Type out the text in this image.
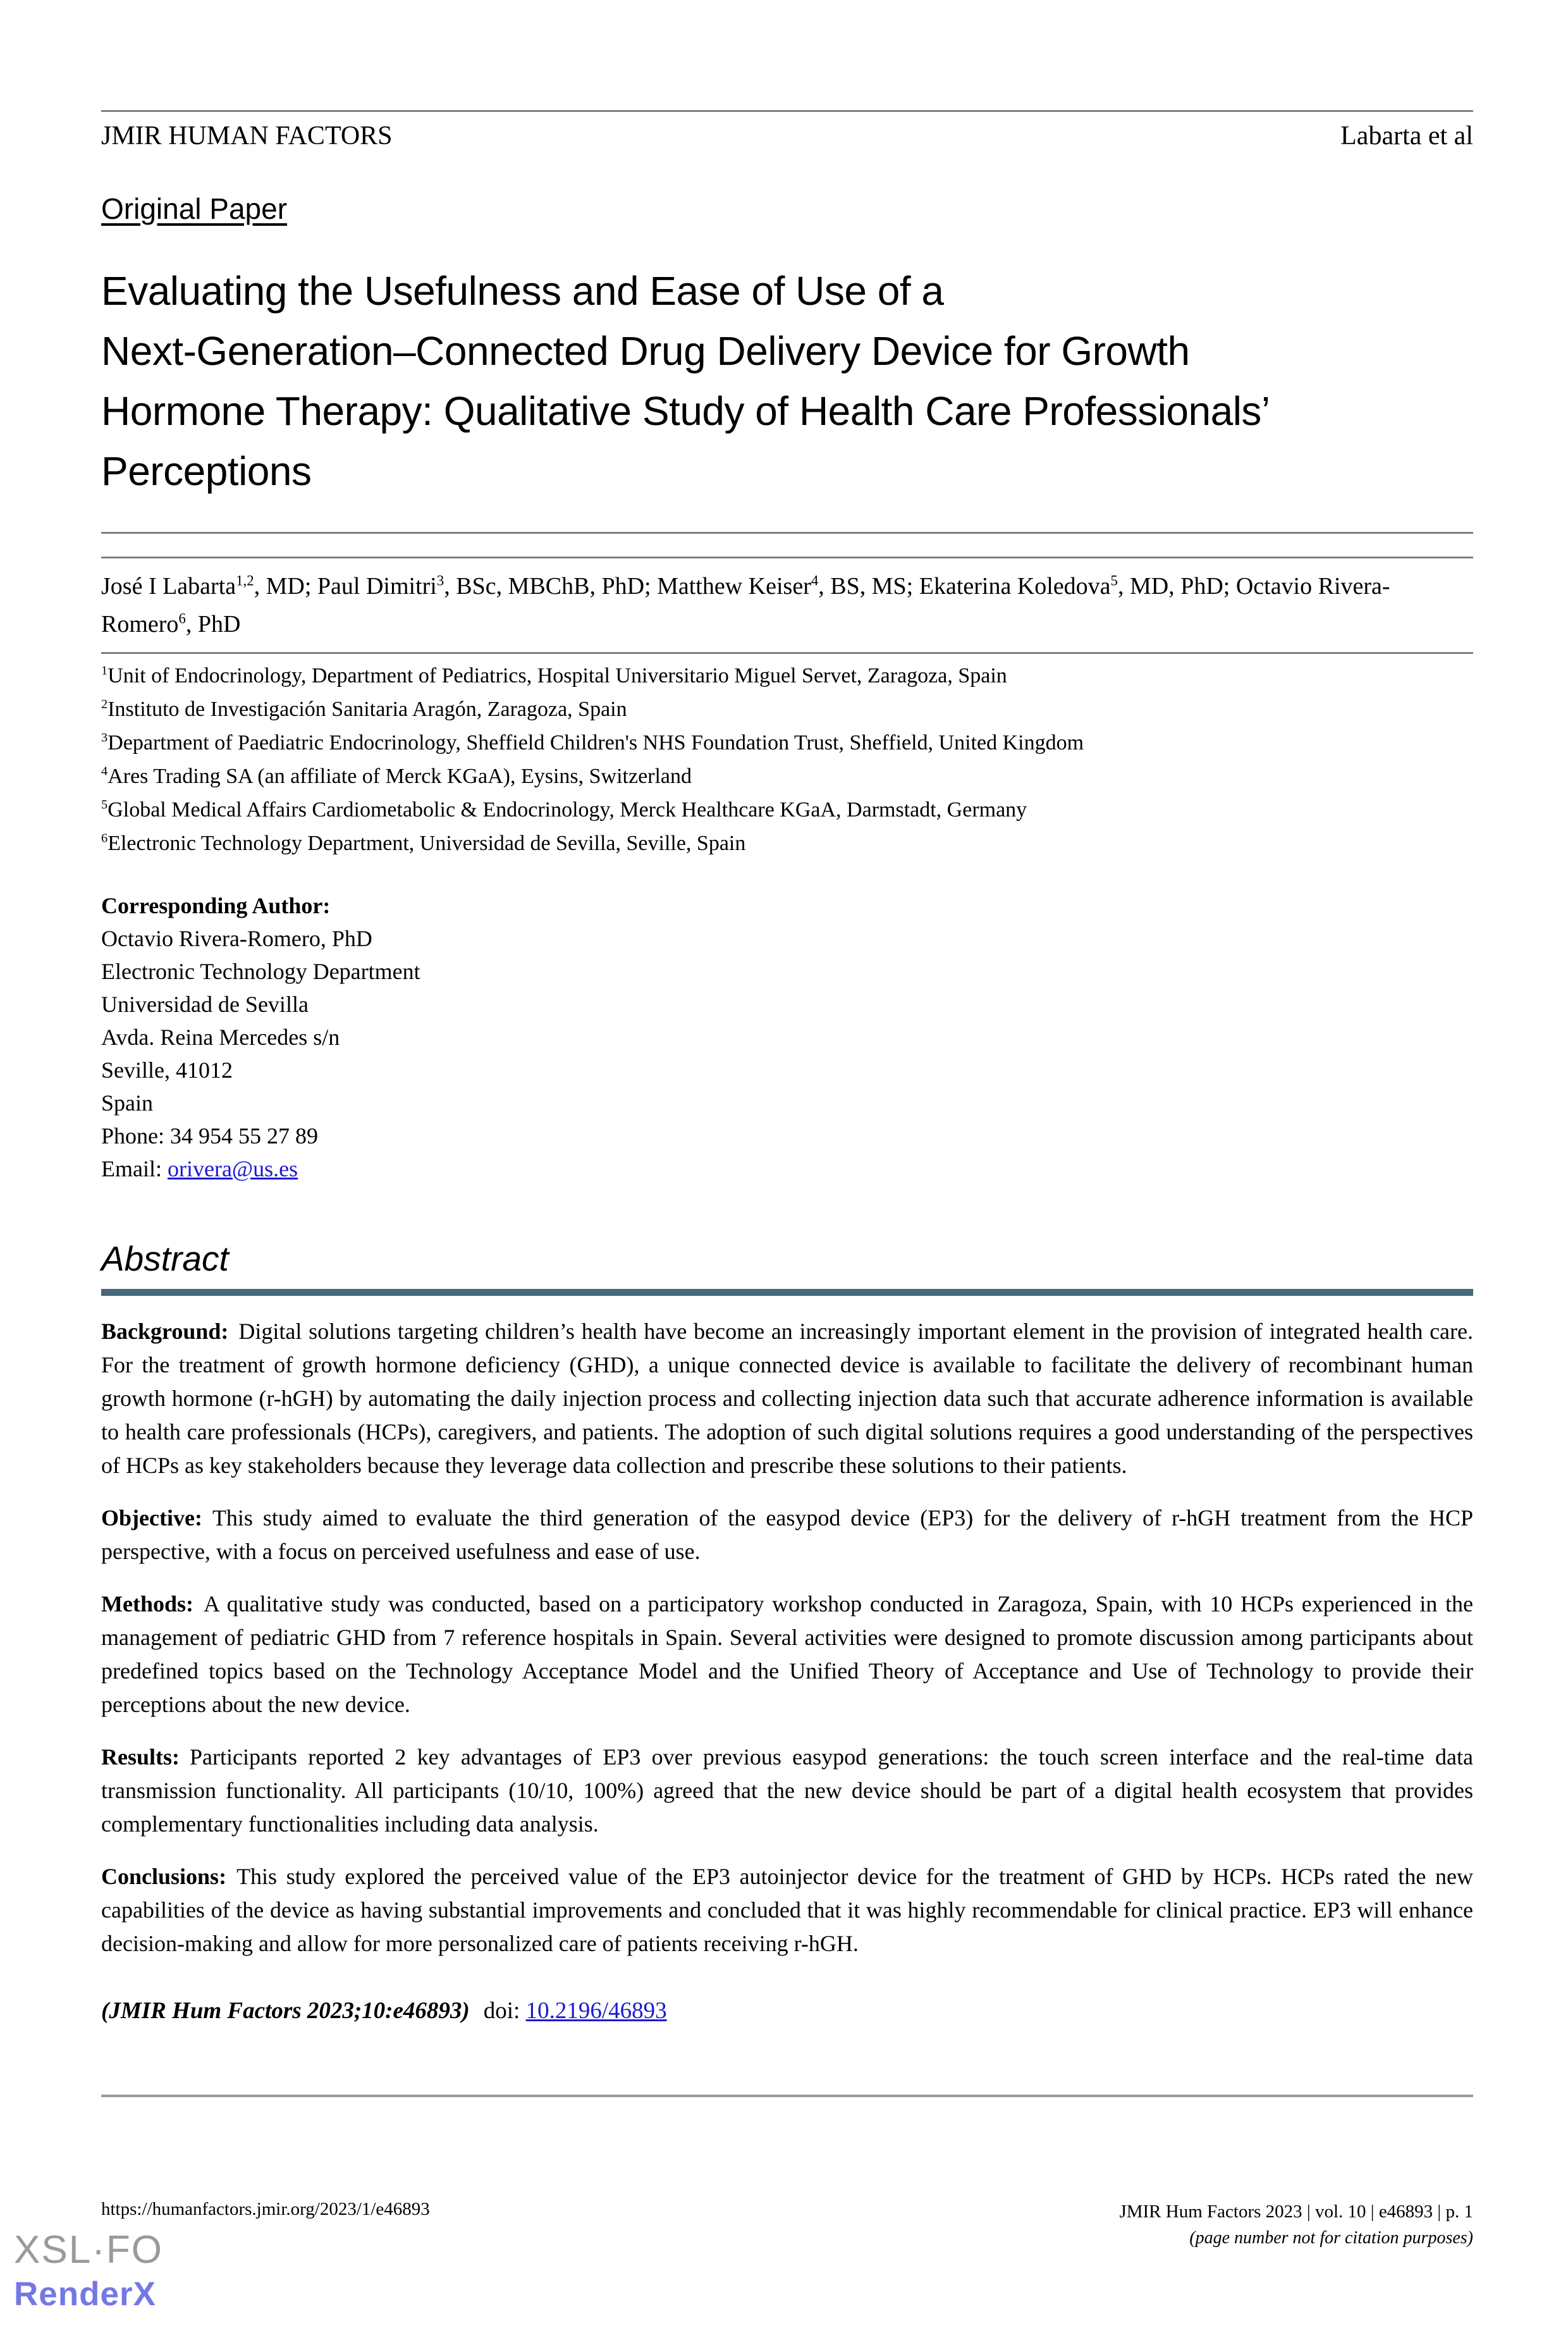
JMIR HUMAN FACTORS	Labarta et al
Original Paper
Evaluating the Usefulness and Ease of Use of a
Next-Generation–Connected Drug Delivery Device for Growth
Hormone Therapy: Qualitative Study of Health Care Professionals’
Perceptions

José I Labarta$^{1,2}$, MD; Paul Dimitri$^3$, BSc, MBChB, PhD; Matthew Keiser$^4$, BS, MS; Ekaterina Koledova$^5$, MD, PhD; Octavio Rivera-Romero$^6$, PhD

$^1$Unit of Endocrinology, Department of Pediatrics, Hospital Universitario Miguel Servet, Zaragoza, Spain
$^2$Instituto de Investigación Sanitaria Aragón, Zaragoza, Spain
$^3$Department of Paediatric Endocrinology, Sheffield Children's NHS Foundation Trust, Sheffield, United Kingdom
$^4$Ares Trading SA (an affiliate of Merck KGaA), Eysins, Switzerland
$^5$Global Medical Affairs Cardiometabolic & Endocrinology, Merck Healthcare KGaA, Darmstadt, Germany
$^6$Electronic Technology Department, Universidad de Sevilla, Seville, Spain
Corresponding Author:
Octavio Rivera-Romero, PhD
Electronic Technology Department
Universidad de Sevilla
Avda. Reina Mercedes s/n
Seville, 41012
Spain
Phone: 34 954 55 27 89
Email: orivera@us.es
Abstract

Background: Digital solutions targeting children’s health have become an increasingly important element in the provision of integrated health care. For the treatment of growth hormone deficiency (GHD), a unique connected device is available to facilitate the delivery of recombinant human growth hormone (r-hGH) by automating the daily injection process and collecting injection data such that accurate adherence information is available to health care professionals (HCPs), caregivers, and patients. The adoption of such digital solutions requires a good understanding of the perspectives of HCPs as key stakeholders because they leverage data collection and prescribe these solutions to their patients.

Objective: This study aimed to evaluate the third generation of the easypod device (EP3) for the delivery of r-hGH treatment from the HCP perspective, with a focus on perceived usefulness and ease of use.

Methods: A qualitative study was conducted, based on a participatory workshop conducted in Zaragoza, Spain, with 10 HCPs experienced in the management of pediatric GHD from 7 reference hospitals in Spain. Several activities were designed to promote discussion among participants about predefined topics based on the Technology Acceptance Model and the Unified Theory of Acceptance and Use of Technology to provide their perceptions about the new device.

Results: Participants reported 2 key advantages of EP3 over previous easypod generations: the touch screen interface and the real-time data transmission functionality. All participants (10/10, 100%) agreed that the new device should be part of a digital health ecosystem that provides complementary functionalities including data analysis.

Conclusions: This study explored the perceived value of the EP3 autoinjector device for the treatment of GHD by HCPs. HCPs rated the new capabilities of the device as having substantial improvements and concluded that it was highly recommendable for clinical practice. EP3 will enhance decision-making and allow for more personalized care of patients receiving r-hGH.

(JMIR Hum Factors 2023;10:e46893) doi: 10.2196/46893

https://humanfactors.jmir.org/2023/1/e46893	JMIR Hum Factors 2023 | vol. 10 | e46893 | p. 1
(page number not for citation purposes)
XSL·FO
RenderX
